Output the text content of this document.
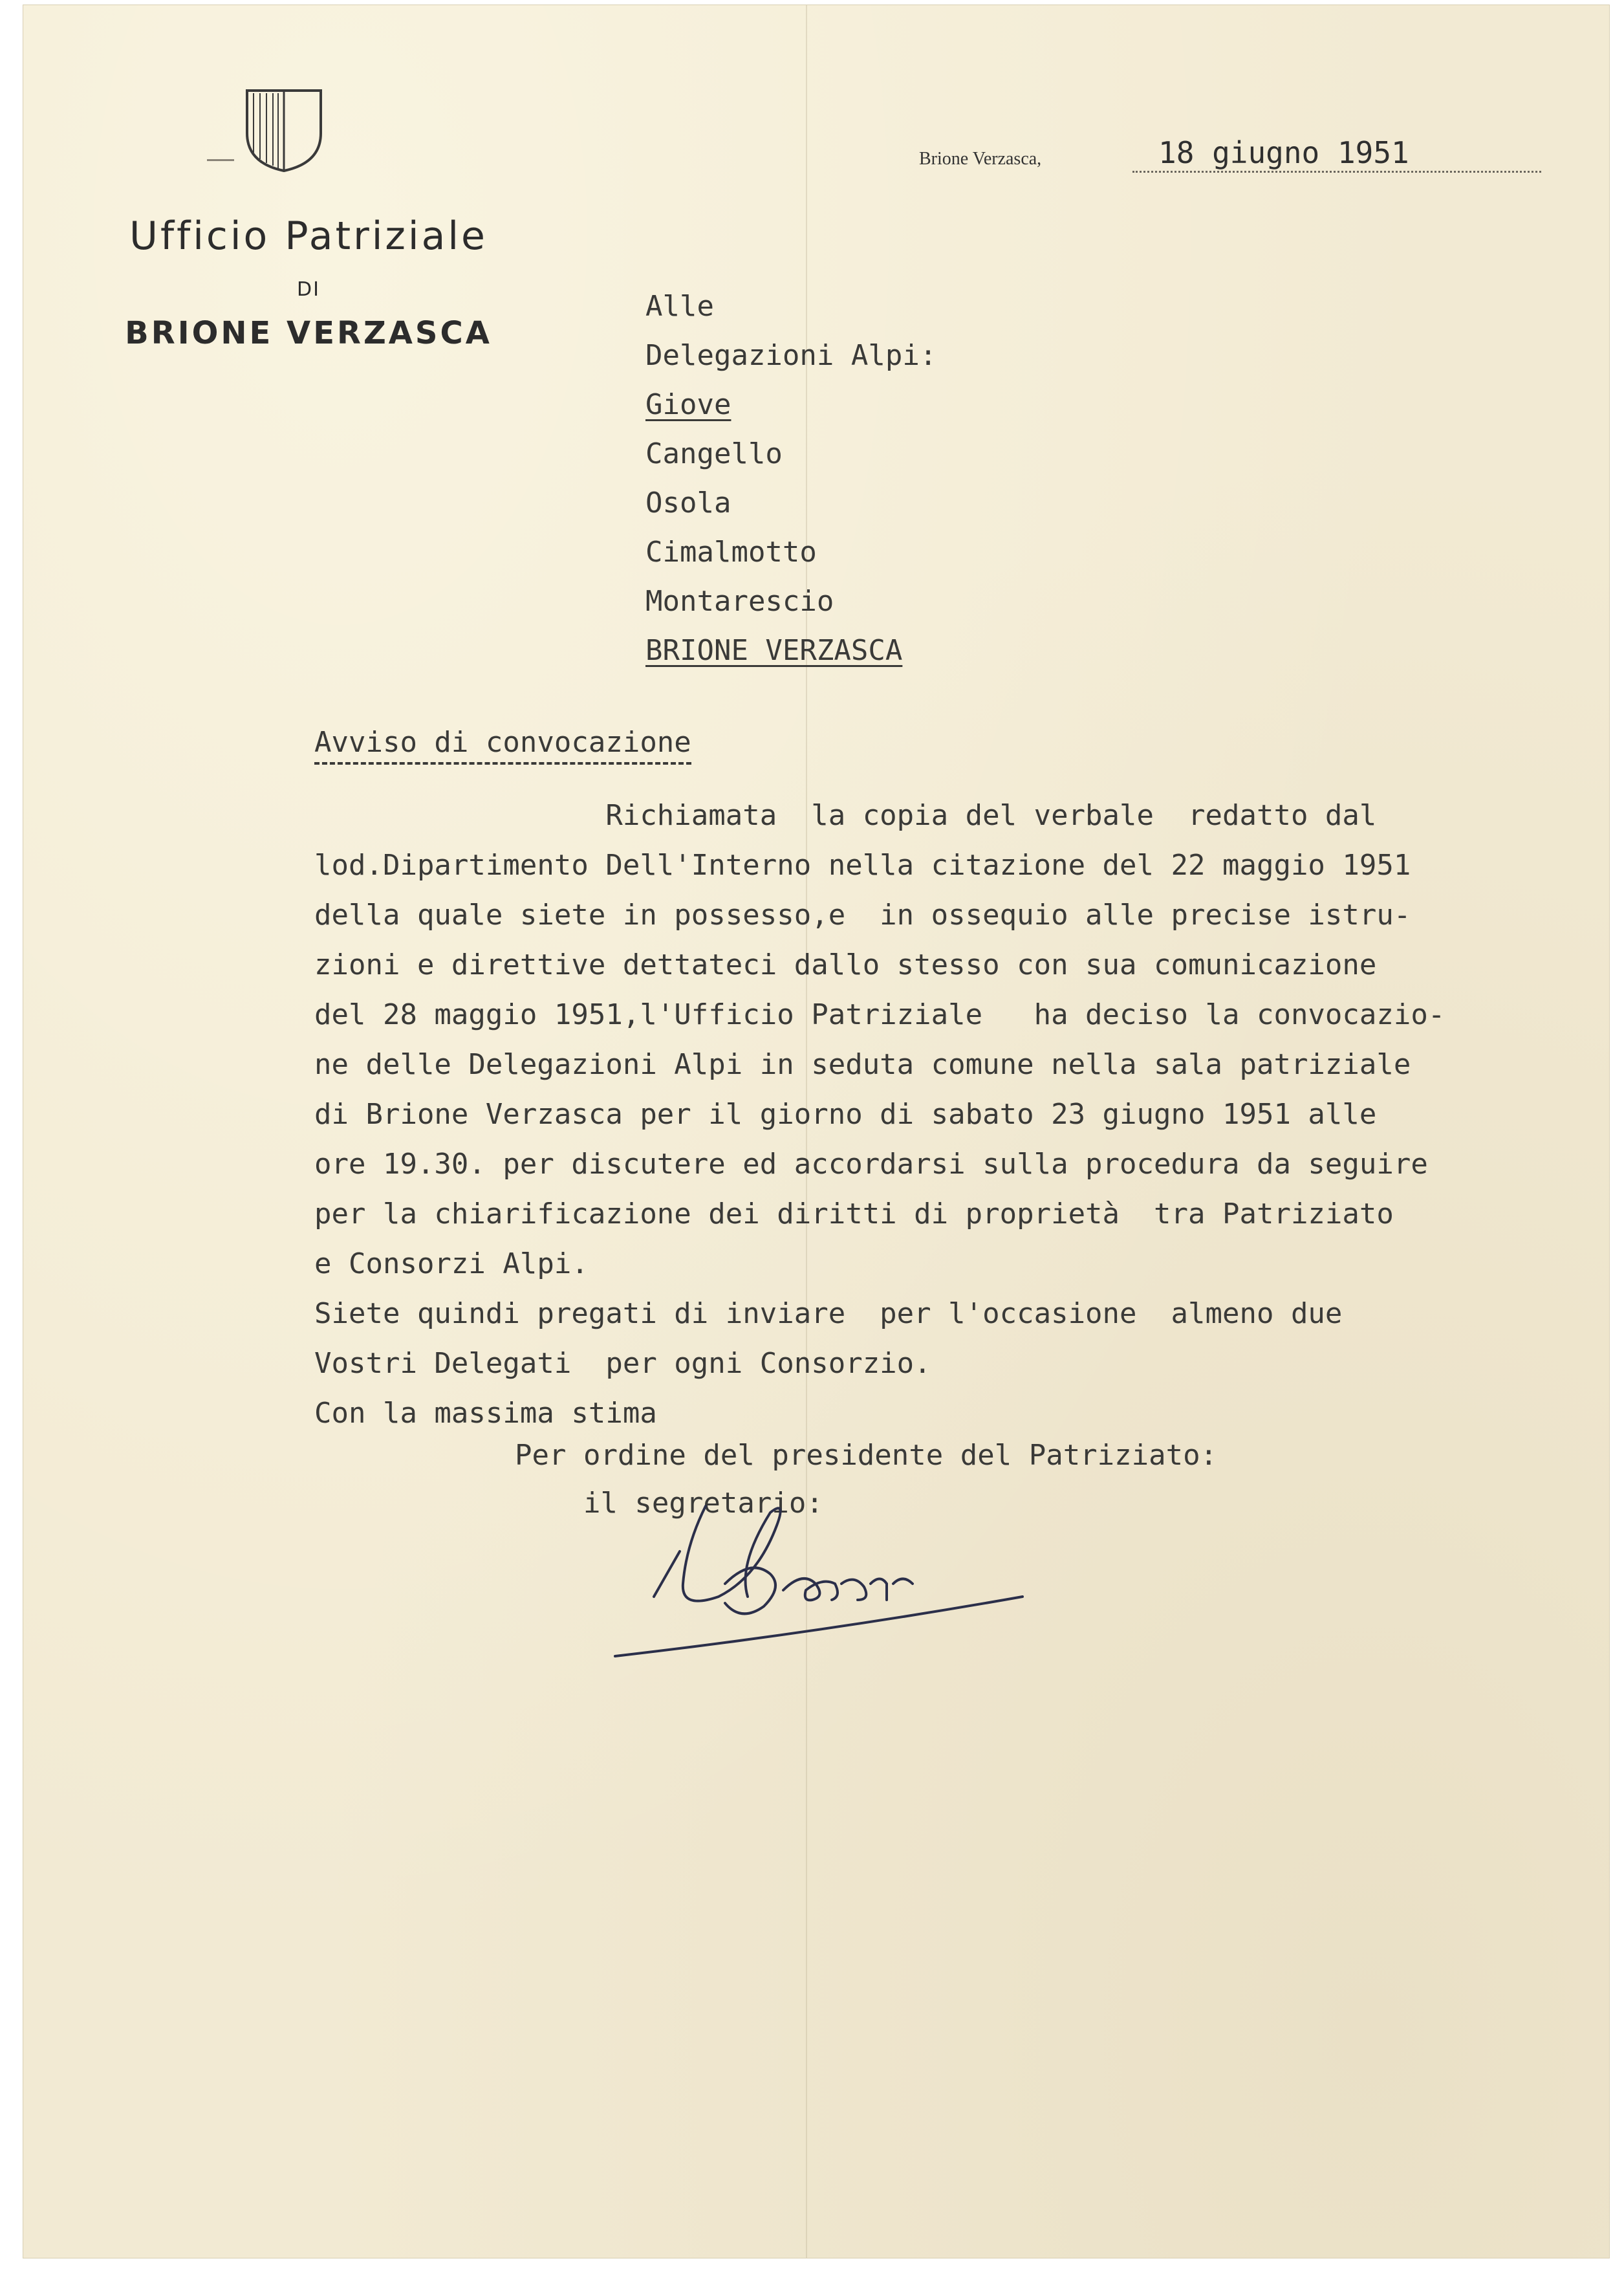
Ufficio Patriziale
DI
BRIONE VERZASCA
Brione Verzasca,	18 giugno 1951
Alle
Delegazioni Alpi:
Giove
Cangello
Osola
Cimalmotto
Montarescio
BRIONE VERZASCA
Avviso di convocazione
Richiamata  la copia del verbale  redatto dal
lod.Dipartimento Dell'Interno nella citazione del 22 maggio 1951
della quale siete in possesso,e  in ossequio alle precise istru-
zioni e direttive dettateci dallo stesso con sua comunicazione
del 28 maggio 1951,l'Ufficio Patriziale   ha deciso la convocazio-
ne delle Delegazioni Alpi in seduta comune nella sala patriziale
di Brione Verzasca per il giorno di sabato 23 giugno 1951 alle
ore 19.30. per discutere ed accordarsi sulla procedura da seguire
per la chiarificazione dei diritti di proprietà  tra Patriziato
e Consorzi Alpi.
Siete quindi pregati di inviare  per l'occasione  almeno due
Vostri Delegati  per ogni Consorzio.
Con la massima stima
Per ordine del presidente del Patriziato:
il segretario:
